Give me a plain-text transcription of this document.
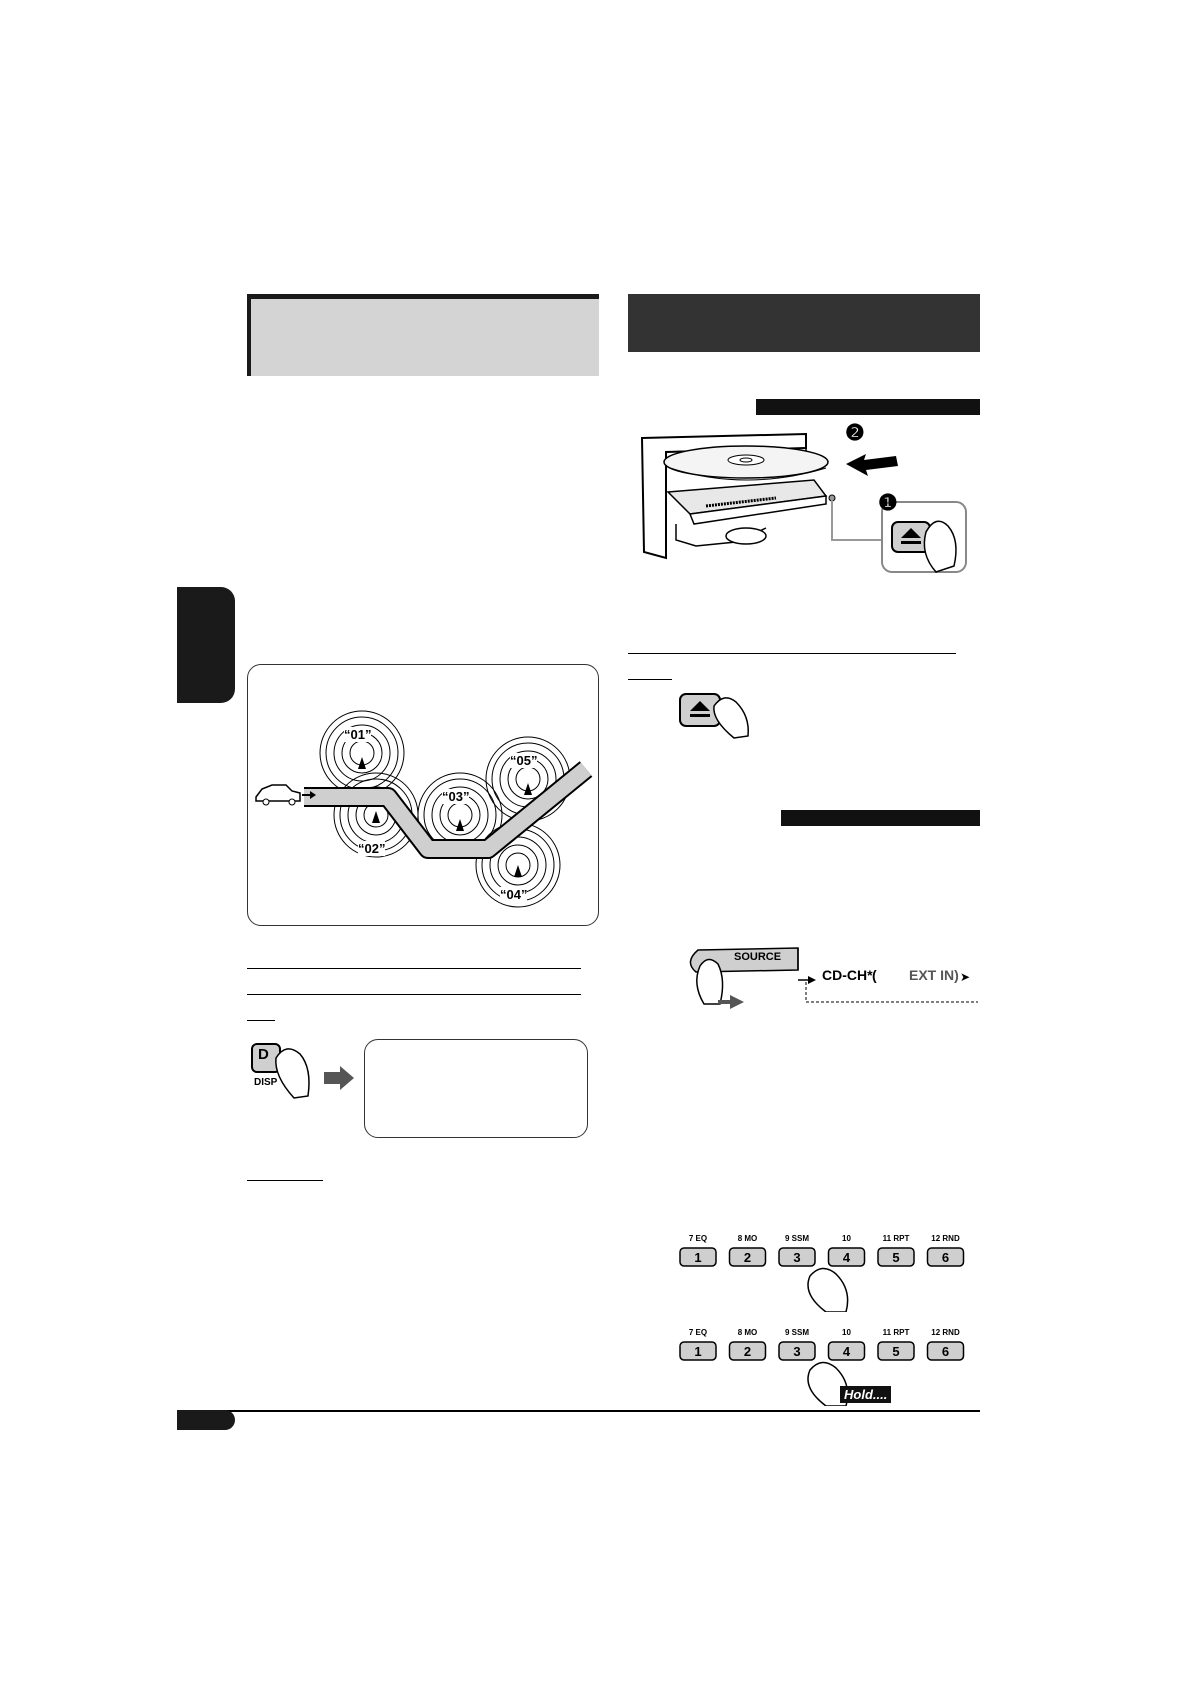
❷
❶
“01”
“02”
“03”
“04”
“05”
D
DISP
SOURCE
CD-CH* ( EXT IN) ➤
7 EQ
1
8 MO
2
9 SSM
3
10
4
11 RPT
5
12 RND
6
7 EQ
1
8 MO
2
9 SSM
3
10
4
11 RPT
5
12 RND
6
Hold....
